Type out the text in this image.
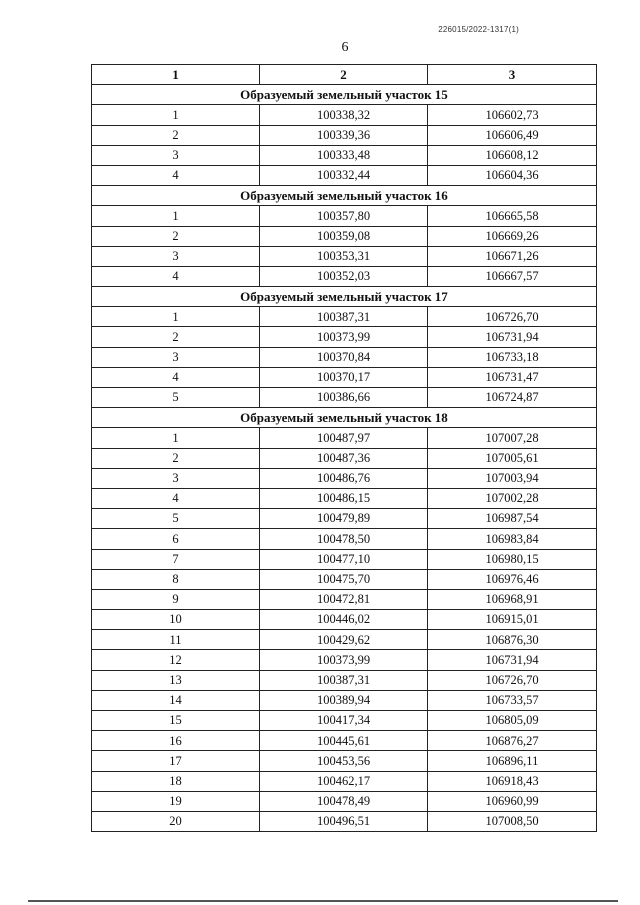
226015/2022-1317(1)
6
1	2	3
Образуемый земельный участок 15		
1	100338,32	106602,73
2	100339,36	106606,49
3	100333,48	106608,12
4	100332,44	106604,36
Образуемый земельный участок 16		
1	100357,80	106665,58
2	100359,08	106669,26
3	100353,31	106671,26
4	100352,03	106667,57
Образуемый земельный участок 17		
1	100387,31	106726,70
2	100373,99	106731,94
3	100370,84	106733,18
4	100370,17	106731,47
5	100386,66	106724,87
Образуемый земельный участок 18		
1	100487,97	107007,28
2	100487,36	107005,61
3	100486,76	107003,94
4	100486,15	107002,28
5	100479,89	106987,54
6	100478,50	106983,84
7	100477,10	106980,15
8	100475,70	106976,46
9	100472,81	106968,91
10	100446,02	106915,01
11	100429,62	106876,30
12	100373,99	106731,94
13	100387,31	106726,70
14	100389,94	106733,57
15	100417,34	106805,09
16	100445,61	106876,27
17	100453,56	106896,11
18	100462,17	106918,43
19	100478,49	106960,99
20	100496,51	107008,50
